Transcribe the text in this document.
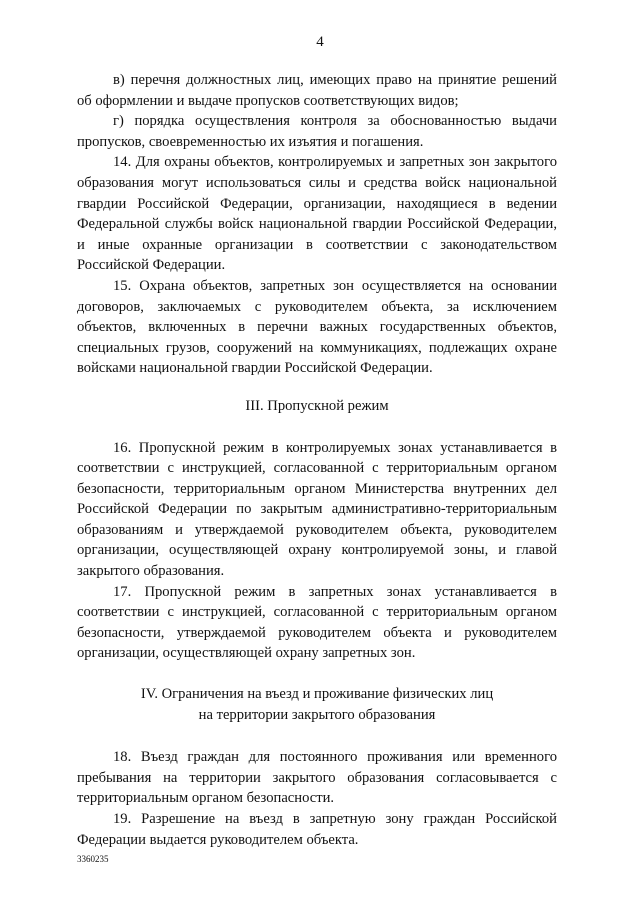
4

в) перечня должностных лиц, имеющих право на принятие решений об оформлении и выдаче пропусков соответствующих видов;

г) порядка осуществления контроля за обоснованностью выдачи пропусков, своевременностью их изъятия и погашения.

14. Для охраны объектов, контролируемых и запретных зон закрытого образования могут использоваться силы и средства войск национальной гвардии Российской Федерации, организации, находящиеся в ведении Федеральной службы войск национальной гвардии Российской Федерации, и иные охранные организации в соответствии с законодательством Российской Федерации.

15. Охрана объектов, запретных зон осуществляется на основании договоров, заключаемых с руководителем объекта, за исключением объектов, включенных в перечни важных государственных объектов, специальных грузов, сооружений на коммуникациях, подлежащих охране войсками национальной гвардии Российской Федерации.

III. Пропускной режим

16. Пропускной режим в контролируемых зонах устанавливается в соответствии с инструкцией, согласованной с территориальным органом безопасности, территориальным органом Министерства внутренних дел Российской Федерации по закрытым административно-территориальным образованиям и утверждаемой руководителем объекта, руководителем организации, осуществляющей охрану контролируемой зоны, и главой закрытого образования.

17. Пропускной режим в запретных зонах устанавливается в соответствии с инструкцией, согласованной с территориальным органом безопасности, утверждаемой руководителем объекта и руководителем организации, осуществляющей охрану запретных зон.

IV. Ограничения на въезд и проживание физических лиц
на территории закрытого образования

18. Въезд граждан для постоянного проживания или временного пребывания на территории закрытого образования согласовывается с территориальным органом безопасности.

19. Разрешение на въезд в запретную зону граждан Российской Федерации выдается руководителем объекта.

3360235
